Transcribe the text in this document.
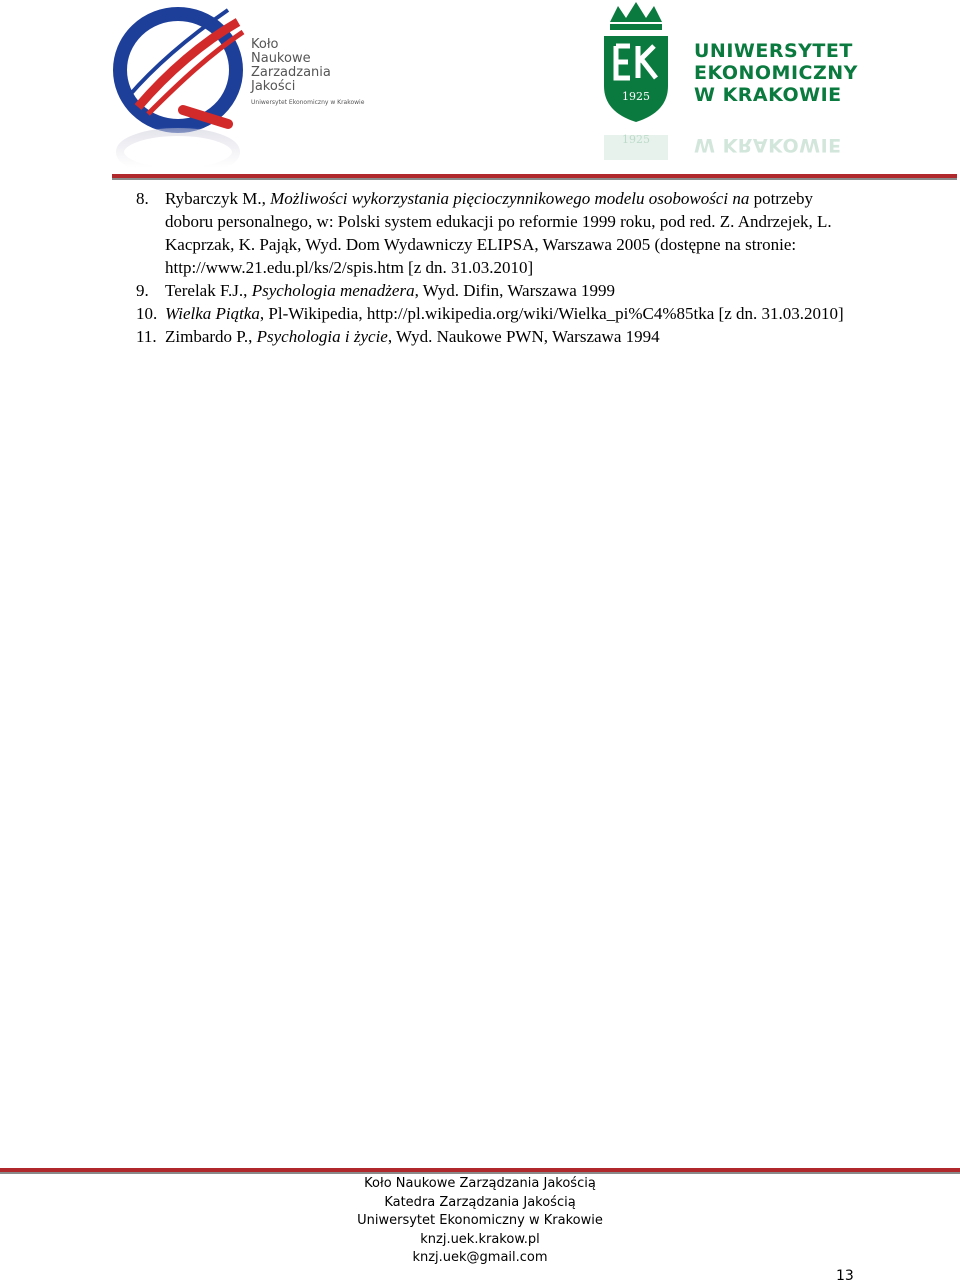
Koło
Naukowe
Zarzadzania
Jakości
Uniwersytet Ekonomiczny w Krakowie	1925
1925
UNIWERSYTET
EKONOMICZNY
W KRAKOWIE
W KRAKOWIE

8. Rybarczyk M., Możliwości wykorzystania pięcioczynnikowego modelu osobowości na potrzeby doboru personalnego, w: Polski system edukacji po reformie 1999 roku, pod red. Z. Andrzejek, L. Kacprzak, K. Pająk, Wyd. Dom Wydawniczy ELIPSA, Warszawa 2005 (dostępne na stronie: http://www.21.edu.pl/ks/2/spis.htm [z dn. 31.03.2010]

9. Terelak F.J., Psychologia menadżera, Wyd. Difin, Warszawa 1999

10. Wielka Piątka, Pl-Wikipedia, http://pl.wikipedia.org/wiki/Wielka_pi%C4%85tka [z dn. 31.03.2010]

11. Zimbardo P., Psychologia i życie, Wyd. Naukowe PWN, Warszawa 1994

Koło Naukowe Zarządzania Jakością
Katedra Zarządzania Jakością
Uniwersytet Ekonomiczny w Krakowie
knzj.uek.krakow.pl
knzj.uek@gmail.com
13
